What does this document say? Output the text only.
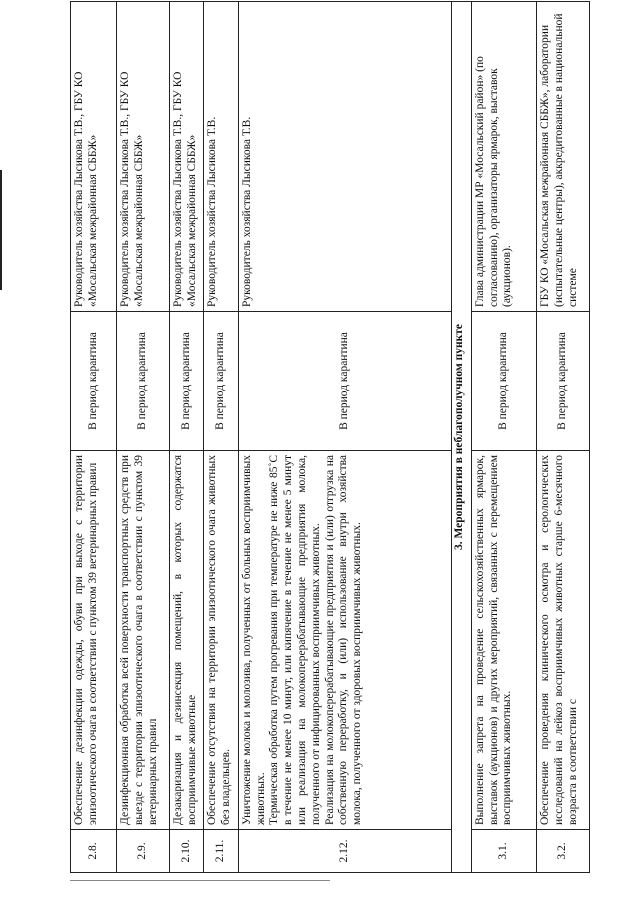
2.8.	Обеспечение дезинфекции одежды, обуви при выходе с территории эпизоотического очага в соответствии с пунктом 39 ветеринарных правил	В период карантина	Руководитель хозяйства Лысикова Т.В., ГБУ КО «Мосальская межрайонная СББЖ»
2.9.	Дезинфекционная обработка всей поверхности транспортных средств при выезде с территории эпизоотического очага в соответствии с пунктом 39 ветеринарных правил	В период карантина	Руководитель хозяйства Лысикова Т.В., ГБУ КО «Мосальская межрайонная СББЖ»
2.10.	Дезакаризация и дезинсекция помещений, в которых содержатся восприимчивые животные	В период карантина	Руководитель хозяйства Лысикова Т.В., ГБУ КО «Мосальская межрайонная СББЖ»
2.11.	Обеспечение отсутствия на территории эпизоотического очага животных без владельцев.	В период карантина	Руководитель хозяйства Лысикова Т.В.
2.12.	Уничтожение молока и молозива, полученных от больных восприимчивых животных. Термическая обработка путем прогревания при температуре не ниже 85˚С в течение не менее 10 минут, или кипячение в течение не менее 5 минут или реализация на молокоперерабатывающие предприятия молока, полученного от инфицированных восприимчивых животных. Реализация на молокоперерабатывающие предприятия и (или) отгрузка на собственную переработку, и (или) использование внутри хозяйства молока, полученного от здоровых восприимчивых животных.	В период карантина	Руководитель хозяйства Лысикова Т.В.
3. Мероприятия в неблагополучном пункте			
3.1.	Выполнение запрета на проведение сельскохозяйственных ярмарок, выставок (аукционов) и других мероприятий, связанных с перемещением восприимчивых животных.	В период карантина	Глава администрации МР «Мосальский район» (по согласованию), организаторы ярмарок, выставок (аукционов).
3.2.	Обеспечение проведения клинического осмотра и серологических исследований на лейкоз восприимчивых животных старше 6-месячного возраста в соответствии с	В период карантина	ГБУ КО «Мосальская межрайонная СББЖ», лаборатории (испытательные центры), аккредитованные в национальной системе
